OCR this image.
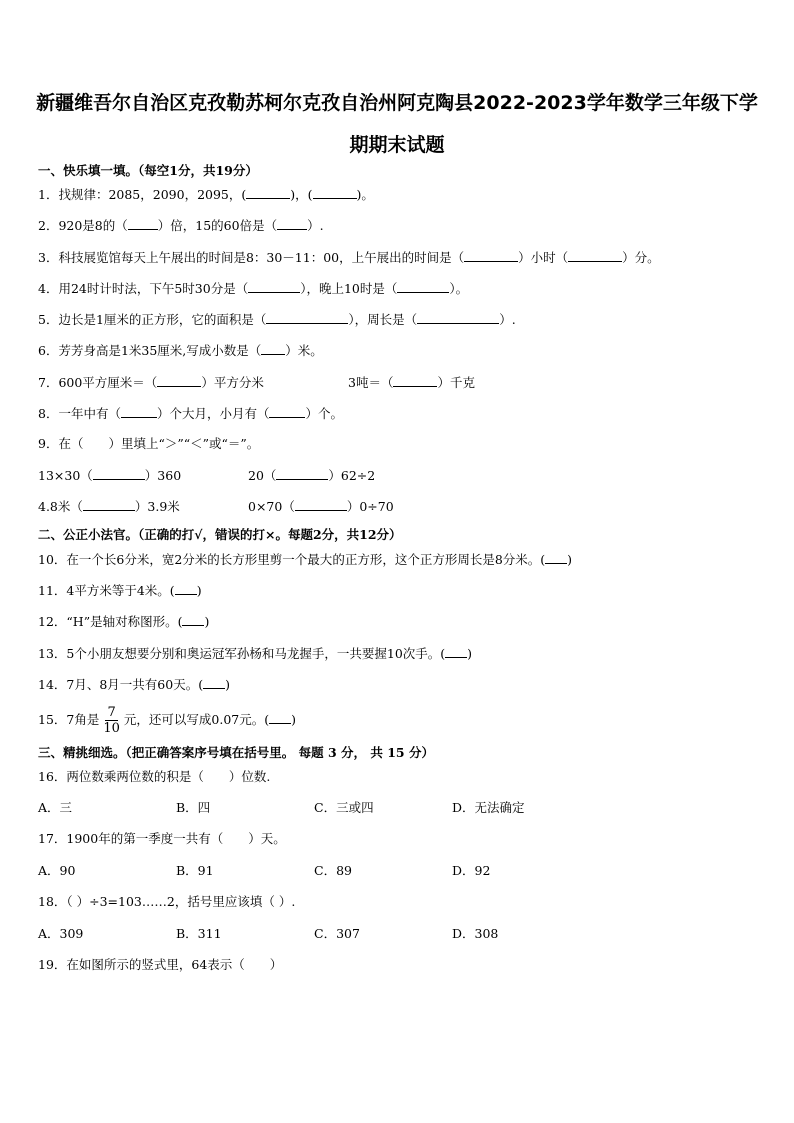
新疆维吾尔自治区克孜勒苏柯尔克孜自治州阿克陶县2022-2023学年数学三年级下学
期期末试题
一、快乐填一填。（每空1分，共19分）
1．找规律：2085，2090，2095，(	)，(	)。
2．920是8的（ ）倍，15的60倍是（ ）.
3．科技展览馆每天上午展出的时间是8：30－11：00，上午展出的时间是（	）小时（	）分。
4．用24时计时法，下午5时30分是（	），晚上10时是（	）。
5．边长是1厘米的正方形，它的面积是（	），周长是（	）.
6．芳芳身高是1米35厘米,写成小数是（ ）米。
7．600平方厘米＝（	）平方分米	3吨＝（	）千克
8．一年中有（	）个大月，小月有（	）个。
9．在（　　）里填上“＞”“＜”或“＝”。
13×30（	）360	20（	）62÷2
4.8米（	）3.9米	0×70（	）0÷70
二、公正小法官。（正确的打√，错误的打×。每题2分，共12分）
10．在一个长6分米，宽2分米的长方形里剪一个最大的正方形，这个正方形周长是8分米。( )
11．4平方米等于4米。( )
12．“H”是轴对称图形。( )
13．5个小朋友想要分别和奥运冠军孙杨和马龙握手，一共要握10次手。( )
14．7月、8月一共有60天。( )
15．7角是 $\frac{7}{10}$ 元，还可以写成0.07元。( )
三、精挑细选。（把正确答案序号填在括号里。 每题 3 分， 共 15 分）
16．两位数乘两位数的积是（　　）位数.
A．三	B．四	C．三或四	D．无法确定
17．1900年的第一季度一共有（　　）天。
A．90	B．91	C．89	D．92
18．（ ）÷3=103……2，括号里应该填（ ）.
A．309	B．311	C．307	D．308
19．在如图所示的竖式里，64表示（　　）
